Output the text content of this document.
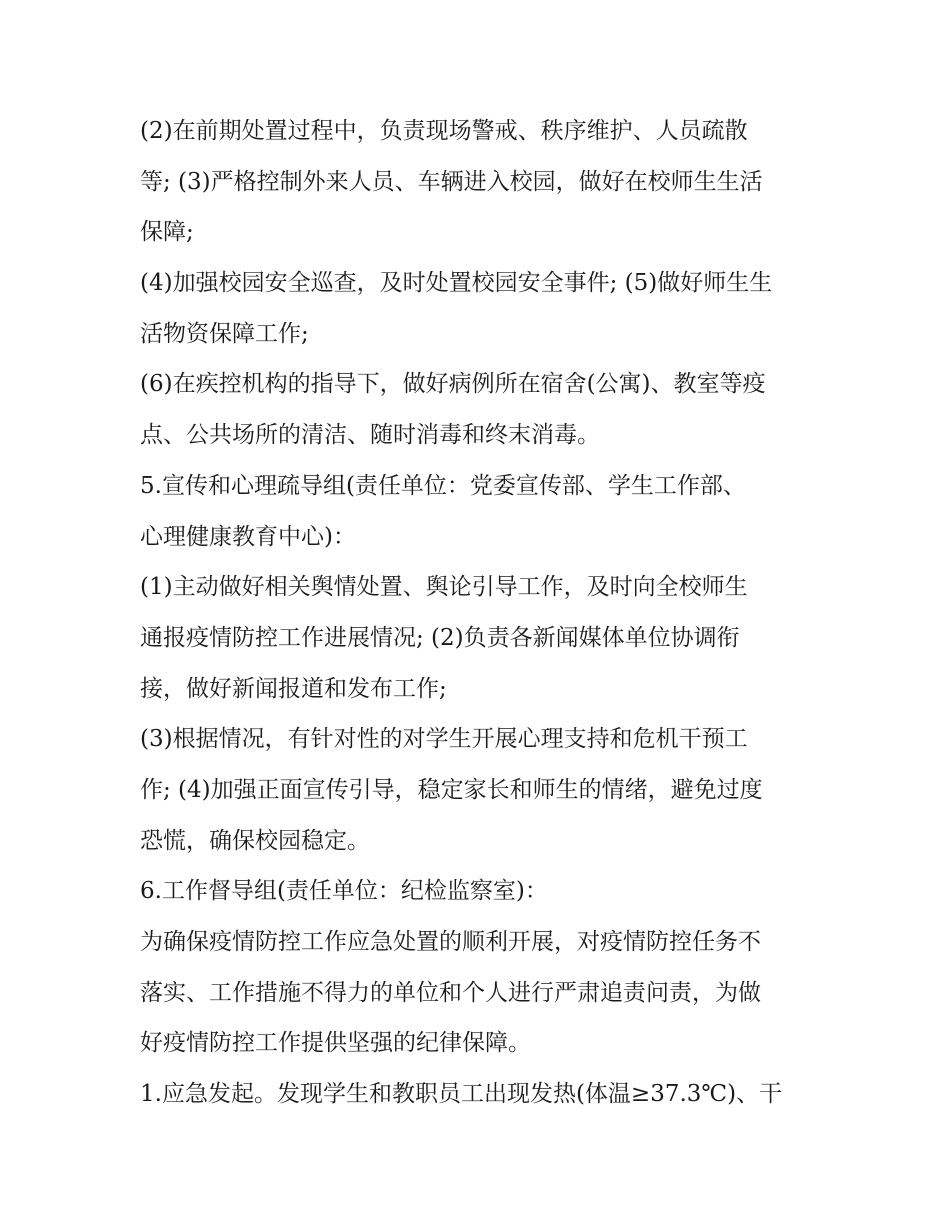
(2)在前期处置过程中，负责现场警戒、秩序维护、人员疏散
等; (3)严格控制外来人员、车辆进入校园，做好在校师生生活
保障;
(4)加强校园安全巡查，及时处置校园安全事件; (5)做好师生生
活物资保障工作;
(6)在疾控机构的指导下，做好病例所在宿舍(公寓)、教室等疫
点、公共场所的清洁、随时消毒和终末消毒。
5.宣传和心理疏导组(责任单位：党委宣传部、学生工作部、
心理健康教育中心)：
(1)主动做好相关舆情处置、舆论引导工作，及时向全校师生
通报疫情防控工作进展情况; (2)负责各新闻媒体单位协调衔
接，做好新闻报道和发布工作;
(3)根据情况，有针对性的对学生开展心理支持和危机干预工
作; (4)加强正面宣传引导，稳定家长和师生的情绪，避免过度
恐慌，确保校园稳定。
6.工作督导组(责任单位：纪检监察室)：
为确保疫情防控工作应急处置的顺利开展，对疫情防控任务不
落实、工作措施不得力的单位和个人进行严肃追责问责，为做
好疫情防控工作提供坚强的纪律保障。
1.应急发起。发现学生和教职员工出现发热(体温≥37.3℃)、干
